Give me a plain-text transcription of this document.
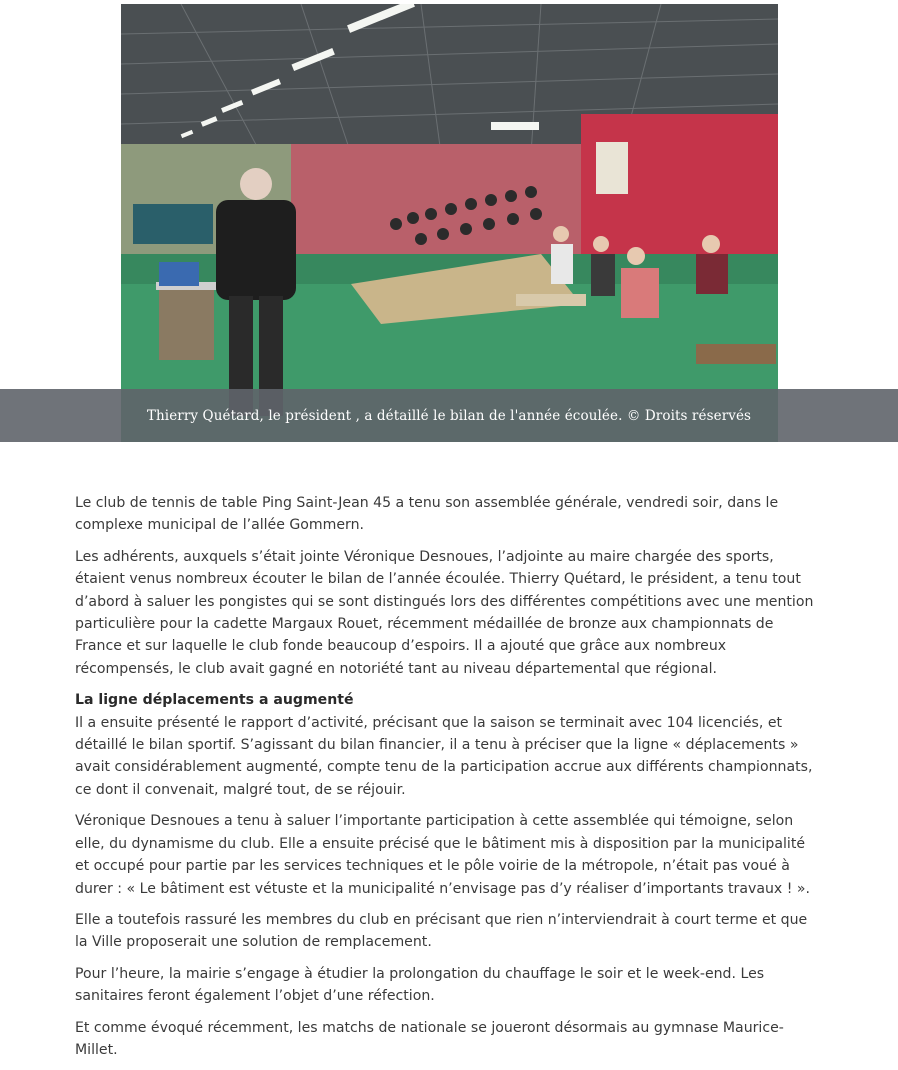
Thierry Quétard, le président , a détaillé le bilan de l'année écoulée. © Droits réservés

Le club de tennis de table Ping Saint-Jean 45 a tenu son assemblée générale, vendredi soir, dans le complexe municipal de l’allée Gommern.

Les adhérents, auxquels s’était jointe Véronique Desnoues, l’adjointe au maire chargée des sports, étaient venus nombreux écouter le bilan de l’année écoulée. Thierry Quétard, le président, a tenu tout d’abord à saluer les pongistes qui se sont distingués lors des différentes compétitions avec une mention particulière pour la cadette Margaux Rouet, récemment médaillée de bronze aux championnats de France et sur laquelle le club fonde beaucoup d’espoirs. Il a ajouté que grâce aux nombreux récompensés, le club avait gagné en notoriété tant au niveau départemental que régional.

La ligne déplacements a augmenté
Il a ensuite présenté le rapport d’activité, précisant que la saison se terminait avec 104 licenciés, et détaillé le bilan sportif. S’agissant du bilan financier, il a tenu à préciser que la ligne « déplacements » avait considérablement augmenté, compte tenu de la participation accrue aux différents championnats, ce dont il convenait, malgré tout, de se réjouir.

Véronique Desnoues a tenu à saluer l’importante participation à cette assemblée qui témoigne, selon elle, du dynamisme du club. Elle a ensuite précisé que le bâtiment mis à disposition par la municipalité et occupé pour partie par les services techniques et le pôle voirie de la métropole, n’était pas voué à durer : « Le bâtiment est vétuste et la municipalité n’envisage pas d’y réaliser d’importants travaux ! ».

Elle a toutefois rassuré les membres du club en précisant que rien n’interviendrait à court terme et que la Ville proposerait une solution de remplacement.

Pour l’heure, la mairie s’engage à étudier la prolongation du chauffage le soir et le week-end. Les sanitaires feront également l’objet d’une réfection.

Et comme évoqué récemment, les matchs de nationale se joueront désormais au gymnase Maurice-Millet.
